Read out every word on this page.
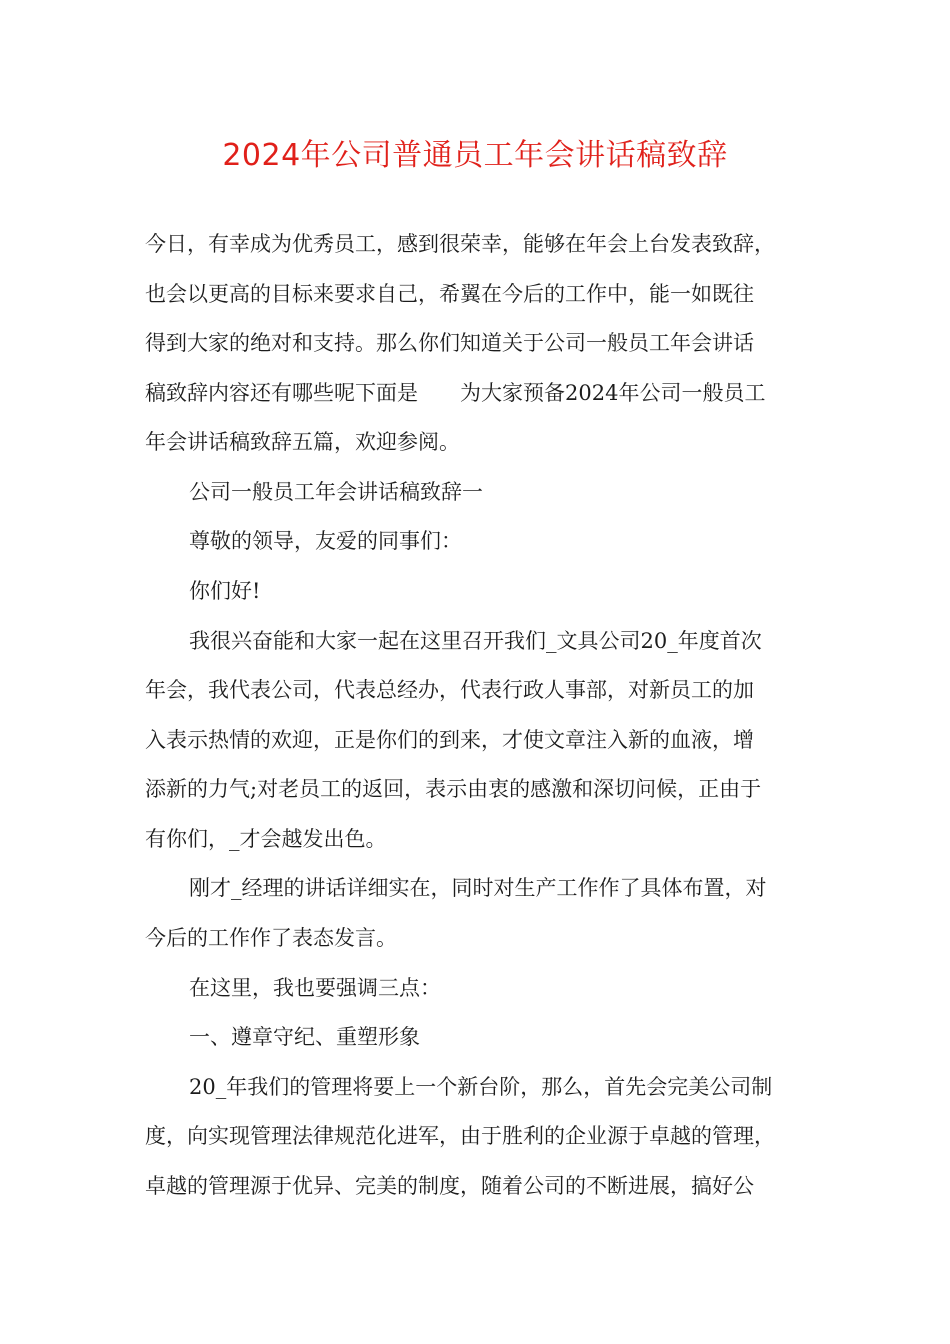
2024年公司普通员工年会讲话稿致辞
今日，有幸成为优秀员工，感到很荣幸，能够在年会上台发表致辞，
也会以更高的目标来要求自己，希翼在今后的工作中，能一如既往
得到大家的绝对和支持。那么你们知道关于公司一般员工年会讲话
稿致辞内容还有哪些呢下面是　　为大家预备2024年公司一般员工
年会讲话稿致辞五篇，欢迎参阅。
公司一般员工年会讲话稿致辞一
尊敬的领导，友爱的同事们：
你们好!
我很兴奋能和大家一起在这里召开我们_文具公司20_年度首次
年会，我代表公司，代表总经办，代表行政人事部，对新员工的加
入表示热情的欢迎，正是你们的到来，才使文章注入新的血液，增
添新的力气;对老员工的返回，表示由衷的感激和深切问候，正由于
有你们，_才会越发出色。
刚才_经理的讲话详细实在，同时对生产工作作了具体布置，对
今后的工作作了表态发言。
在这里，我也要强调三点：
一、遵章守纪、重塑形象
20_年我们的管理将要上一个新台阶，那么，首先会完美公司制
度，向实现管理法律规范化进军，由于胜利的企业源于卓越的管理，
卓越的管理源于优异、完美的制度，随着公司的不断进展，搞好公
